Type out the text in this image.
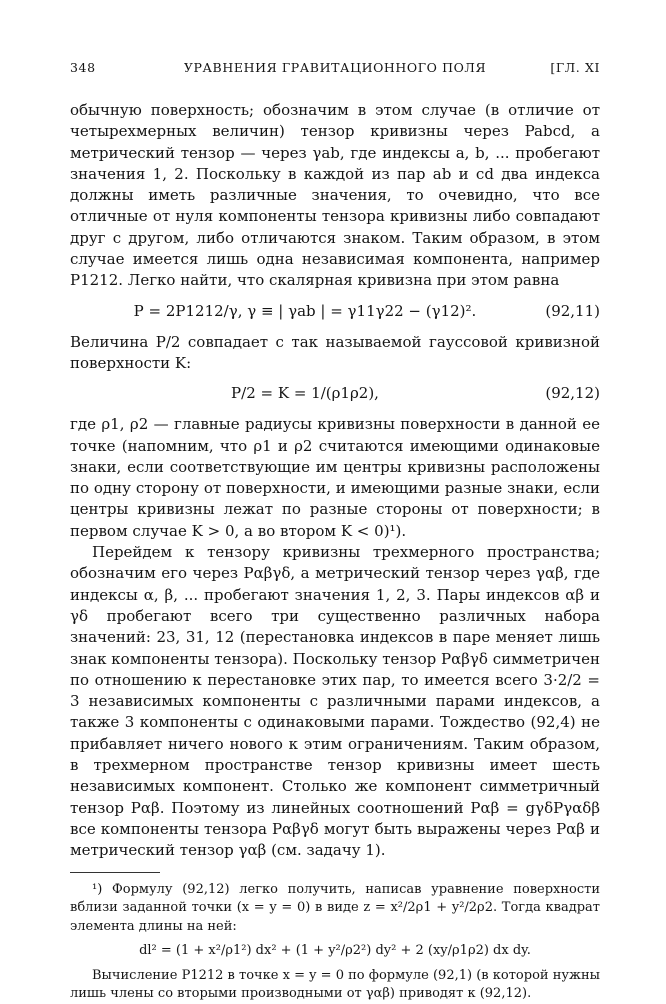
348	УРАВНЕНИЯ ГРАВИТАЦИОННОГО ПОЛЯ	[ГЛ. XI

обычную поверхность; обозначим в этом случае (в отличие от четырехмерных величин) тензор кривизны через Pabcd, а метрический тензор — через γab, где индексы a, b, ... пробегают значения 1, 2. Поскольку в каждой из пар ab и cd два индекса должны иметь различные значения, то очевидно, что все отличные от нуля компоненты тензора кривизны либо совпадают друг с другом, либо отличаются знаком. Таким образом, в этом случае имеется лишь одна независимая компонента, например P1212. Легко найти, что скалярная кривизна при этом равна

P = 2P1212/γ, γ ≡ | γab | = γ11γ22 − (γ12)².	(92,11)

Величина P/2 совпадает с так называемой гауссовой кривизной поверхности K:

P/2 = K = 1/(ρ1ρ2),	(92,12)

где ρ1, ρ2 — главные радиусы кривизны поверхности в данной ее точке (напомним, что ρ1 и ρ2 считаются имеющими одинаковые знаки, если соответствующие им центры кривизны расположены по одну сторону от поверхности, и имеющими разные знаки, если центры кривизны лежат по разные стороны от поверхности; в первом случае K > 0, а во втором K < 0)¹).

Перейдем к тензору кривизны трехмерного пространства; обозначим его через Pαβγδ, а метрический тензор через γαβ, где индексы α, β, ... пробегают значения 1, 2, 3. Пары индексов αβ и γδ пробегают всего три существенно различных набора значений: 23, 31, 12 (перестановка индексов в паре меняет лишь знак компоненты тензора). Поскольку тензор Pαβγδ симметричен по отношению к перестановке этих пар, то имеется всего 3·2/2 = 3 независимых компоненты с различными парами индексов, а также 3 компоненты с одинаковыми парами. Тождество (92,4) не прибавляет ничего нового к этим ограничениям. Таким образом, в трехмерном пространстве тензор кривизны имеет шесть независимых компонент. Столько же компонент симметричный тензор Pαβ. Поэтому из линейных соотношений Pαβ = gγδPγαδβ все компоненты тензора Pαβγδ могут быть выражены через Pαβ и метрический тензор γαβ (см. задачу 1).

¹) Формулу (92,12) легко получить, написав уравнение поверхности вблизи заданной точки (x = y = 0) в виде z = x²/2ρ1 + y²/2ρ2. Тогда квадрат элемента длины на ней:

dl² = (1 + x²/ρ1²) dx² + (1 + y²/ρ2²) dy² + 2 (xy/ρ1ρ2) dx dy.

Вычисление P1212 в точке x = y = 0 по формуле (92,1) (в которой нужны лишь члены со вторыми производными от γαβ) приводят к (92,12).
